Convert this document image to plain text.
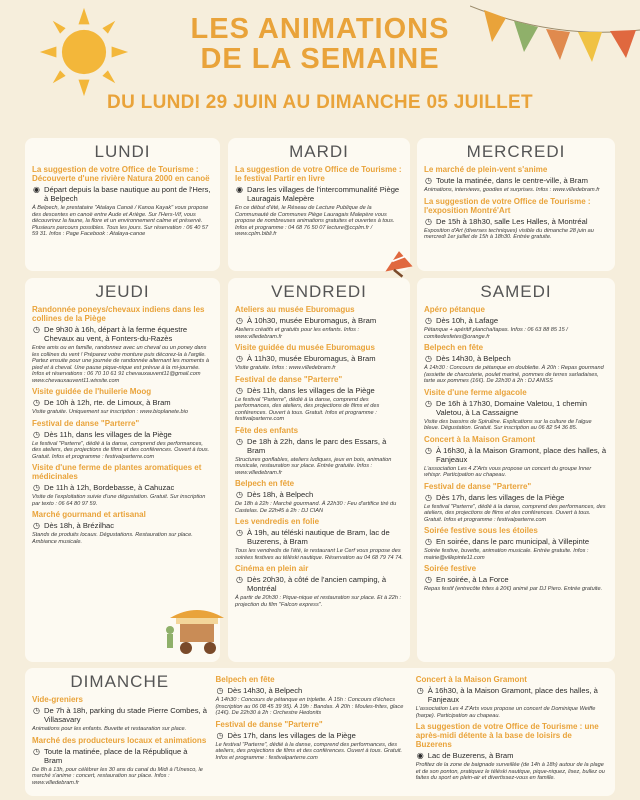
LES ANIMATIONS
DE LA SEMAINE
DU LUNDI 29 JUIN AU DIMANCHE 05 JUILLET
LUNDI
La suggestion de votre Office de Tourisme : Découverte d'une rivière Natura 2000 en canoë
◉ Départ depuis la base nautique au pont de l'Hers, à Belpech
À Belpech, le prestataire "Atalaya Canoë / Kanoa Kayak" vous propose des descentes en canoë entre Aude et Ariège. Sur l'Hers-Vif, vous découvrirez la faune, la flore et un environnement calme et préservé. Plusieurs parcours possibles. Tous les jours. Sur réservation : 06 40 57 59 31. Infos : Page Facebook : Atalaya-canoe
MARDI
La suggestion de votre Office de Tourisme : le festival Partir en livre
◉ Dans les villages de l'intercommunalité Piège Lauragais Malepère
En ce début d'été, le Réseau de Lecture Publique de la Communauté de Communes Piège Lauragais Malepère vous propose de nombreuses animations gratuites et ouvertes à tous. Infos et programme : 04 68 76 50 07 lecture@ccplm.fr / www.cplm.bibli.fr
MERCREDI
Le marché de plein-vent s'anime
◷ Toute la matinée, dans le centre-ville, à Bram
Animations, interviews, goodies et surprises. Infos : www.villedebram.fr
La suggestion de votre Office de Tourisme : l'exposition Montré'Art
◷ De 15h à 18h30, salle Les Halles, à Montréal
Exposition d'Art (diverses techniques) visible du dimanche 28 juin au mercredi 1er juillet de 15h à 18h30. Entrée gratuite.
JEUDI
Randonnée poneys/chevaux indiens dans les collines de la Piège
◷ De 9h30 à 16h, départ à la ferme équestre Chevaux au vent, à Fonters-du-Razès
Entre amis ou en famille, randonnez avec un cheval ou un poney dans les collines du vent ! Préparez votre monture puis décorez-la à l'argile. Partez ensuite pour une journée de randonnée alternant les moments à pied et à cheval. Une pause pique-nique est prévue à la mi-journée. Infos et réservations : 06 70 10 61 91 chevauxauvent11@gmail.com www.chevauxauvent11.wixsite.com
Visite guidée de l'huilerie Moog
◷ De 10h à 12h, rte. de Limoux, à Bram
Visite gratuite. Uniquement sur inscription : www.bioplanete.bio
Festival de danse "Parterre"
◷ Dès 11h, dans les villages de la Piège
Le festival "Parterre", dédié à la danse, comprend des performances, des ateliers, des projections de films et des conférences. Ouvert à tous. Gratuit. Infos et programme : festivalparterre.com
Visite d'une ferme de plantes aromatiques et médicinales
◷ De 11h à 12h, Bordebasse, à Cahuzac
Visite de l'exploitation suivie d'une dégustation. Gratuit. Sur inscription par texto : 06 64 80 97 59.
Marché gourmand et artisanal
◷ Dès 18h, à Brézilhac
Stands de produits locaux. Dégustations. Restauration sur place. Ambiance musicale.
VENDREDI
Ateliers au musée Eburomagus
◷ À 10h30, musée Eburomagus, à Bram
Ateliers créatifs et gratuits pour les enfants. Infos : www.villedebram.fr
Visite guidée du musée Eburomagus
◷ À 11h30, musée Eburomagus, à Bram
Visite gratuite. Infos : www.villedebram.fr
Festival de danse "Parterre"
◷ Dès 11h, dans les villages de la Piège
Le festival "Parterre", dédié à la danse, comprend des performances, des ateliers, des projections de films et des conférences. Ouvert à tous. Gratuit. Infos et programme : festivalparterre.com
Fête des enfants
◷ De 18h à 22h, dans le parc des Essars, à Bram
Structures gonflables, ateliers ludiques, jeux en bois, animation musicale, restauration sur place. Entrée gratuite. Infos : www.villedebram.fr
Belpech en fête
◷ Dès 18h, à Belpech
De 18h à 22h : Marché gourmand. À 22h30 : Feu d'artifice tiré du Castelas. De 22h45 à 2h : DJ CIAN
Les vendredis en folie
◷ À 19h, au téléski nautique de Bram, lac de Buzerens, à Bram
Tous les vendredis de l'été, le restaurant Le Cerf vous propose des soirées festives au téléski nautique. Réservation au 04 68 79 74 74.
Cinéma en plein air
◷ Dès 20h30, à côté de l'ancien camping, à Montréal
À partir de 20h30 : Pique-nique et restauration sur place. Et à 22h : projection du film "Falcon express".
SAMEDI
Apéro pétanque
◷ Dès 10h, à Lafage
Pétanque + apéritif plancha/tapas. Infos : 06 63 88 85 15 / comitedesfetes@orange.fr
Belpech en fête
◷ Dès 14h30, à Belpech
À 14h30 : Concours de pétanque en doublette. À 20h : Repas gourmand (assiette de charcuterie, poulet mariné, pommes de terres sarladaises, tarte aux pommes (16€). De 22h30 à 2h : DJ ANISS
Visite d'une ferme algacole
◷ De 16h à 17h30, Domaine Valetou, 1 chemin Valetou, à La Cassaigne
Visite des bassins de Spiruline. Explications sur la culture de l'algue bleue. Dégustation. Gratuit. Sur inscription au 06 82 54 36 85.
Concert à la Maison Gramont
◷ À 16h30, à la Maison Gramont, place des halles, à Fanjeaux
L'association Les 4 Z'Arts vous propose un concert du groupe Inner whispr. Participation au chapeau.
Festival de danse "Parterre"
◷ Dès 17h, dans les villages de la Piège
Le festival "Parterre", dédié à la danse, comprend des performances, des ateliers, des projections de films et des conférences. Ouvert à tous. Gratuit. Infos et programme : festivalparterre.com
Soirée festive sous les étoiles
◷ En soirée, dans le parc municipal, à Villepinte
Soirée festive, buvette, animation musicale. Entrée gratuite. Infos : mairie@villepinte11.com
Soirée festive
◷ En soirée, à La Force
Repas festif (entrecôte frites à 20€) animé par DJ Piero. Entrée gratuite.
DIMANCHE
Vide-greniers
◷ De 7h à 18h, parking du stade Pierre Combes, à Villasavary
Animations pour les enfants. Buvette et restauration sur place.
Marché des producteurs locaux et animations
◷ Toute la matinée, place de la République à Bram
De 8h à 13h, pour célébrer les 30 ans du canal du Midi à l'Unesco, le marché s'anime : concert, restauration sur place. Infos : www.villedebram.fr
Belpech en fête
◷ Dès 14h30, à Belpech
À 14h30 : Concours de pétanque en triplette. À 15h : Concours d'échecs (inscription au 06 08 45 39 95). À 19h : Bandas. À 20h : Moules-frites, glace (14€). De 22h30 à 2h : Orchestre Hedonits
Festival de danse "Parterre"
◷ Dès 17h, dans les villages de la Piège
Le festival "Parterre", dédié à la danse, comprend des performances, des ateliers, des projections de films et des conférences. Ouvert à tous. Gratuit. Infos et programme : festivalparterre.com
Concert à la Maison Gramont
◷ À 16h30, à la Maison Gramont, place des halles, à Fanjeaux
L'association Les 4 Z'Arts vous propose un concert de Dominique Weiffe (harpe). Participation au chapeau.
La suggestion de votre Office de Tourisme : une après-midi détente à la base de loisirs de Buzerens
◉ Lac de Buzerens, à Bram
Profitez de la zone de baignade surveillée (de 14h à 18h) autour de la plage et de son ponton, pratiquez le téléski nautique, pique-niquez, lisez, bullez ou faites du sport en plein-air et divertissez-vous en famille.
